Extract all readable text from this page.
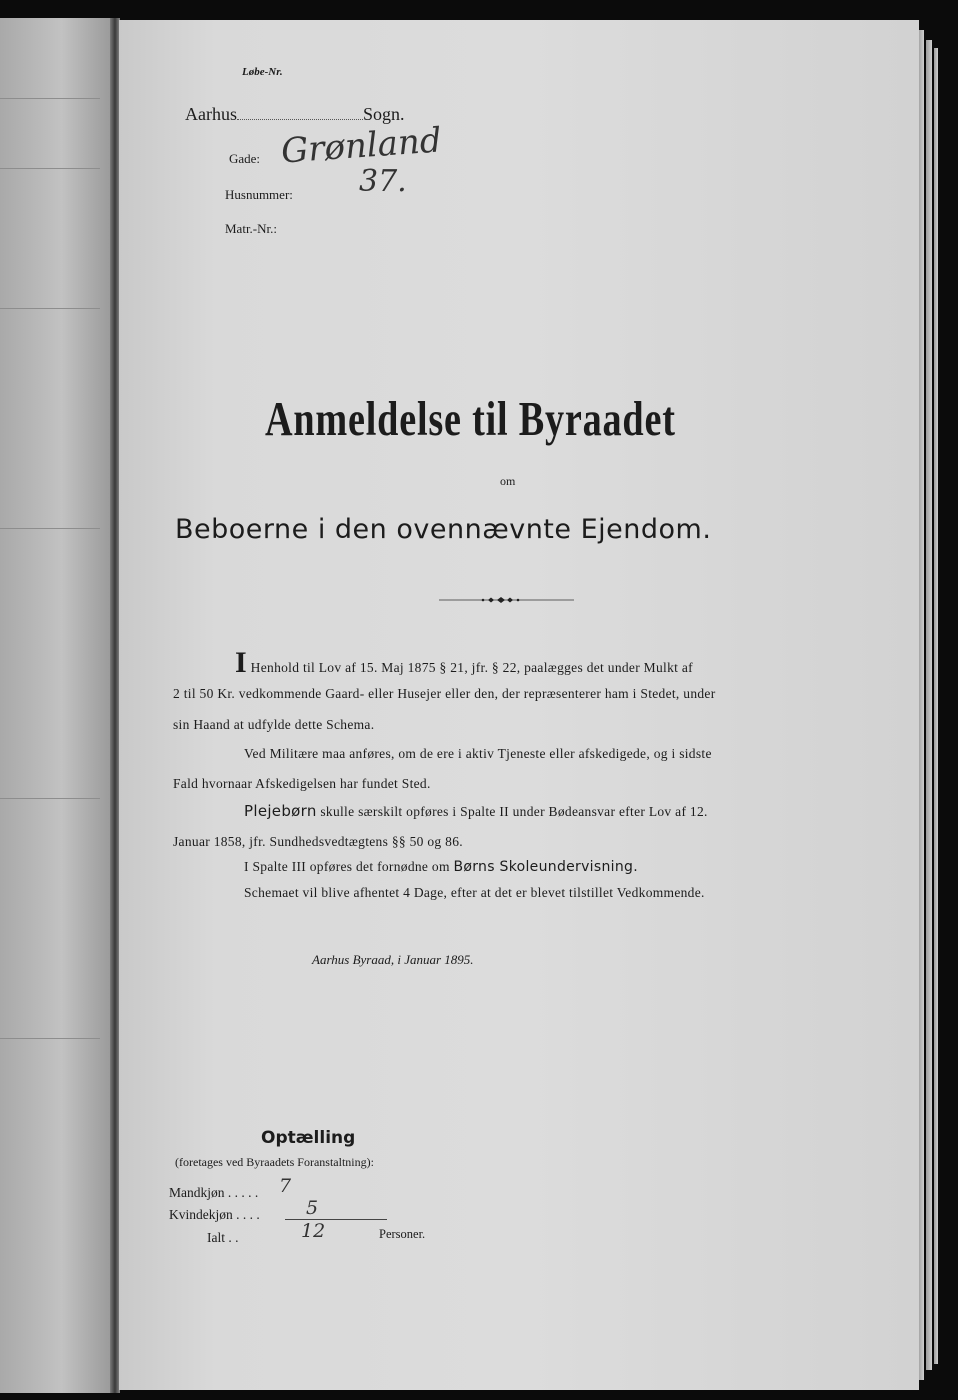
Løbe-Nr.
Aarhus	Sogn.
Gade: Grønland
Husnummer: 37.
Matr.-Nr.:
Anmeldelse til Byraadet
om
Beboerne i den ovennævnte Ejendom.
I Henhold til Lov af 15. Maj 1875 § 21, jfr. § 22, paalægges det under Mulkt af
2 til 50 Kr. vedkommende Gaard- eller Husejer eller den, der repræsenterer ham i Stedet, under
sin Haand at udfylde dette Schema.
Ved Militære maa anføres, om de ere i aktiv Tjeneste eller afskedigede, og i sidste
Fald hvornaar Afskedigelsen har fundet Sted.
Plejebørn skulle særskilt opføres i Spalte II under Bødeansvar efter Lov af 12.
Januar 1858, jfr. Sundhedsvedtægtens §§ 50 og 86.
I Spalte III opføres det fornødne om Børns Skoleundervisning.
Schemaet vil blive afhentet 4 Dage, efter at det er blevet tilstillet Vedkommende.
Aarhus Byraad, i Januar 1895.
Optælling
(foretages ved Byraadets Foranstaltning):
Mandkjøn . . . . . 7
Kvindekjøn . . . . 5
Ialt . .	12	Personer.
